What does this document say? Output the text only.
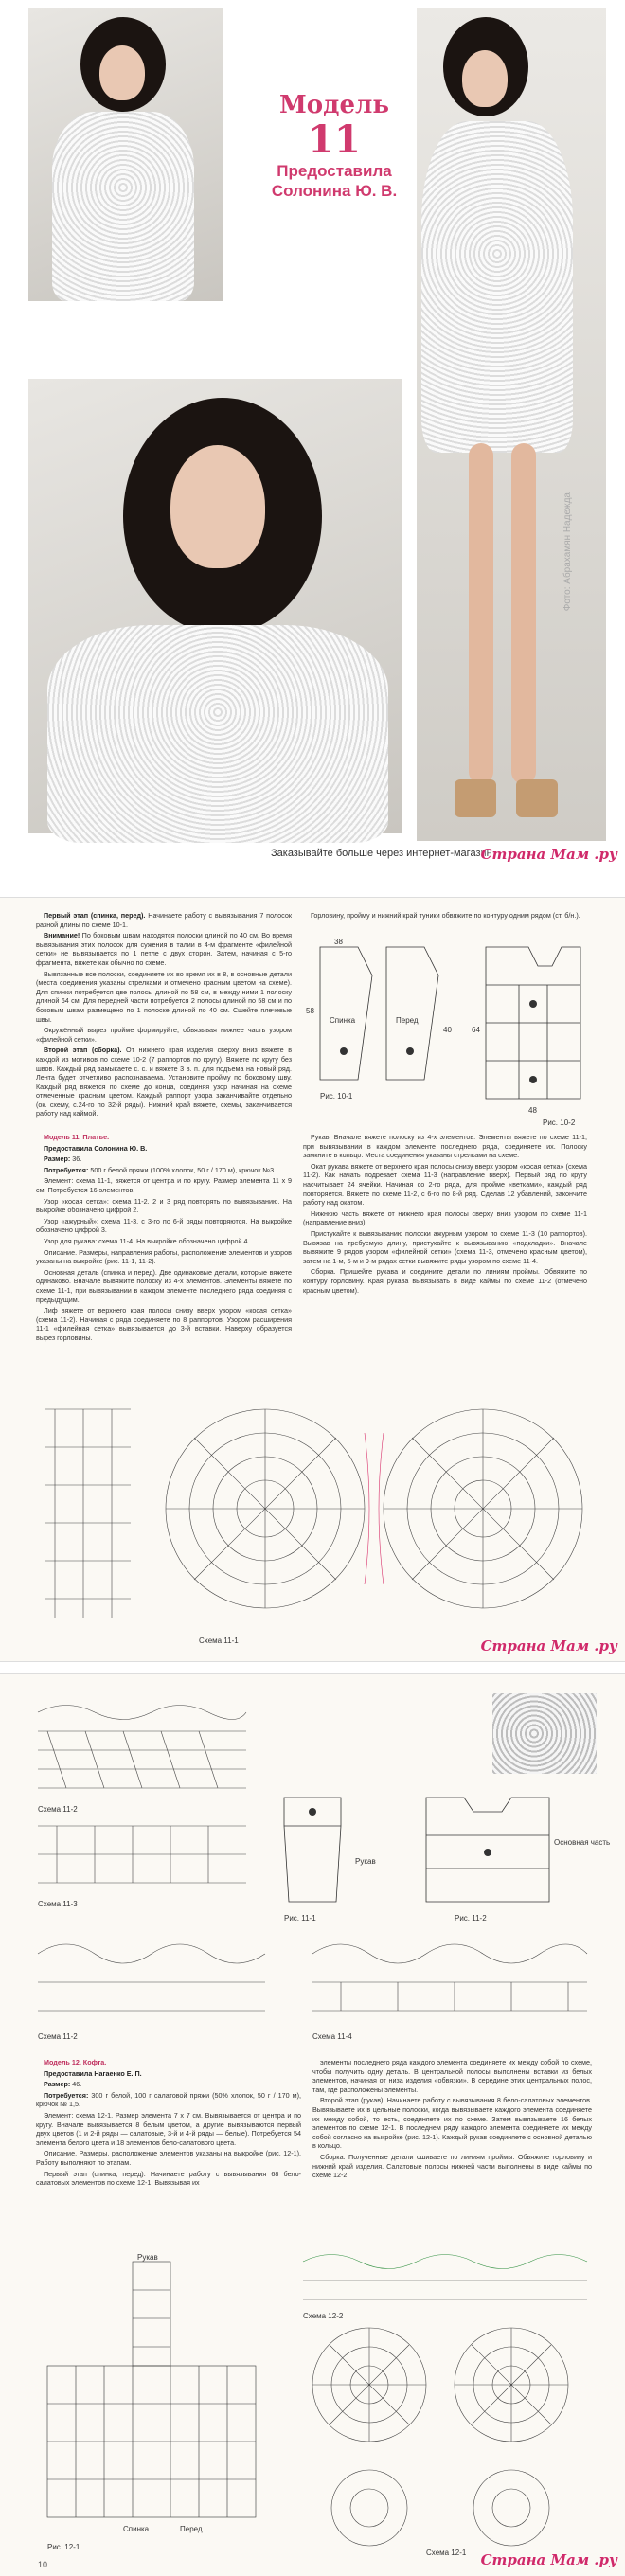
Модель
11
Предоставила
Солонина Ю. В.
Фото: Абрахамян Надежда
Заказывайте больше через интернет-магазин
Страна Мам .ру

Первый этап (спинка, перед). Начинаете работу с вывязывания 7 полосок разной длины по схеме 10-1.

Внимание! По боковым швам находятся полоски длиной по 40 см. Во время вывязывания этих полосок для сужения в талии в 4-м фрагменте «филейной сетки» не вывязывается по 1 петле с двух сторон. Затем, начиная с 5-го фрагмента, вяжете как обычно по схеме.

Вывязанные все полоски, соединяете их во время их в 8, в основные детали (места соединения указаны стрелками и отмечено красным цветом на схеме). Для спинки потребуется две полосы длиной по 58 см, в между ними 1 полоску длиной 64 см. Для передней части потребуется 2 полосы длиной по 58 см и по боковым швам размещено по 1 полоске длиной по 40 см. Сшейте плечевые швы.

Окружённый вырез пройме формируйте, обвязывая нижнее часть узором «филейной сетки».

Второй этап (сборка). От нижнего края изделия сверху вниз вяжете в каждой из мотивов по схеме 10-2 (7 раппортов по кругу). Вяжете по кругу без швов. Каждый ряд замыкаете с. с. и вяжете 3 в. п. для подъема на новый ряд. Лента будет отчетливо распознаваема. Установите пройму по боковому шву. Каждый ряд вяжется по схеме до конца, соединяя узор начиная на схеме отмеченные красным цветом. Каждый раппорт узора заканчивайте отдельно (ок. схему, с.24-го по 32-й ряды). Нижний край вяжете, схемы, заканчивается работу над каймой.

Горловину, пройму и нижний край туники обвяжите по контуру одним рядом (ст. б/н.).

Спинка	Перед
38
48
58
40	64
Рис. 10-1
Рис. 10-2

Модель 11. Платье.

Предоставила Солонина Ю. В.

Размер: 36.

Потребуется: 500 г белой пряжи (100% хлопок, 50 г / 170 м), крючок №3.

Элемент: схема 11-1, вяжется от центра и по кругу. Размер элемента 11 х 9 см. Потребуется 16 элементов.

Узор «косая сетка»: схема 11-2. 2 и 3 ряд повторять по вывязыванию. На выкройке обозначено цифрой 2.

Узор «ажурный»: схема 11-3. с 3-го по 6-й ряды повторяются. На выкройке обозначено цифрой 3.

Узор для рукава: схема 11-4. На выкройке обозначено цифрой 4.

Описание. Размеры, направления работы, расположение элементов и узоров указаны на выкройке (рис. 11-1, 11-2).

Основная деталь (спинка и перед). Две одинаковые детали, которые вяжете одинаково. Вначале вывяжите полоску из 4-х элементов. Элементы вяжете по схеме 11-1, при вывязывании в каждом элементе последнего ряда соединяя с предыдущим.

Лиф вяжете от верхнего края полосы снизу вверх узором «косая сетка» (схема 11-2). Начиная с ряда соединяете по 8 раппортов. Узором расширения 11-1 «филейная сетка» вывязывается до 3-й вставки. Наверху образуется вырез горловины.

Рукав. Вначале вяжете полоску из 4-х элементов. Элементы вяжете по схеме 11-1, при вывязывании в каждом элементе последнего ряда, соединяете их. Полоску замкните в кольцо. Места соединения указаны стрелками на схеме.

Окат рукава вяжете от верхнего края полосы снизу вверх узором «косая сетка» (схема 11-2). Как начать подрезает схема 11-3 (направление вверх). Первый ряд по кругу насчитывает 24 ячейки. Начиная со 2-го ряда, для пройме «ветками», каждый ряд повторяется. Вяжете по схеме 11-2, с 6-го по 8-й ряд. Сделав 12 убавлений, закончите работу над окатом.

Нижнюю часть вяжете от нижнего края полосы сверху вниз узором по схеме 11-1 (направление вниз).

Пристукайте к вывязыванию полоски ажурным узором по схеме 11-3 (10 раппортов). Вывязав на требуемую длину, пристукайте к вывязыванию «подкладки». Вначале вывяжите 9 рядов узором «филейной сетки» (схема 11-3, отмечено красным цветом), затем на 1-м, 5-м и 9-м рядах сетки вывяжите ряды узором по схеме 11-4.

Сборка. Пришейте рукава и соедините детали по линиям проймы. Обвяжите по контуру горловину. Края рукава вывязывать в виде каймы по схеме 11-2 (отмечено красным цветом).

Схема 11-1	Страна Мам .ру
Схема 11-2
Схема 11-3
Рукав
Основная часть
Рис. 11-1	Рис. 11-2
Схема 11-2	Схема 11-4

Модель 12. Кофта.

Предоставила Нагаенко Е. П.

Размер: 46.

Потребуется: 300 г белой, 100 г салатовой пряжи (50% хлопок, 50 г / 170 м), крючок № 1,5.

Элемент: схема 12-1. Размер элемента 7 х 7 см. Вывязывается от центра и по кругу. Вначале вывязывается 8 белым цветом, а другие вывязываются первый двух цветов (1 и 2-й ряды — салатовые, 3-й и 4-й ряды — белые). Потребуется 54 элемента белого цвета и 18 элементов бело-салатового цвета.

Описание. Размеры, расположение элементов указаны на выкройке (рис. 12-1). Работу выполняют по этапам.

Первый этап (спинка, перед). Начинаете работу с вывязывания 68 бело-салатовых элементов по схеме 12-1. Вывязывая их

элементы последнего ряда каждого элемента соединяете их между собой по схеме, чтобы получить одну деталь. В центральной полосы выполнены вставки из белых элементов, начиная от низа изделия «обвязки». В середине этих центральных полос, там, где расположены элементы.

Второй этап (рукав). Начинаете работу с вывязывания 8 бело-салатовых элементов. Вывязываете их в цельные полоски, когда вывязываете каждого элемента соединяете их между собой, то есть, соединяете их по схеме. Затем вывязываете 16 белых элементов по схеме 12-1. В последнем ряду каждого элемента соединяете их между собой согласно на выкройке (рис. 12-1). Каждый рукав соединяете с основной деталью в кольцо.

Сборка. Полученные детали сшиваете по линиям проймы. Обвяжите горловину и нижний край изделия. Салатовые полосы нижней части выполнены в виде каймы по схеме 12-2.

Рукав
Спинка	Перед
Рис. 12-1
Схема 12-2
Схема 12-1
10	Страна Мам .ру
